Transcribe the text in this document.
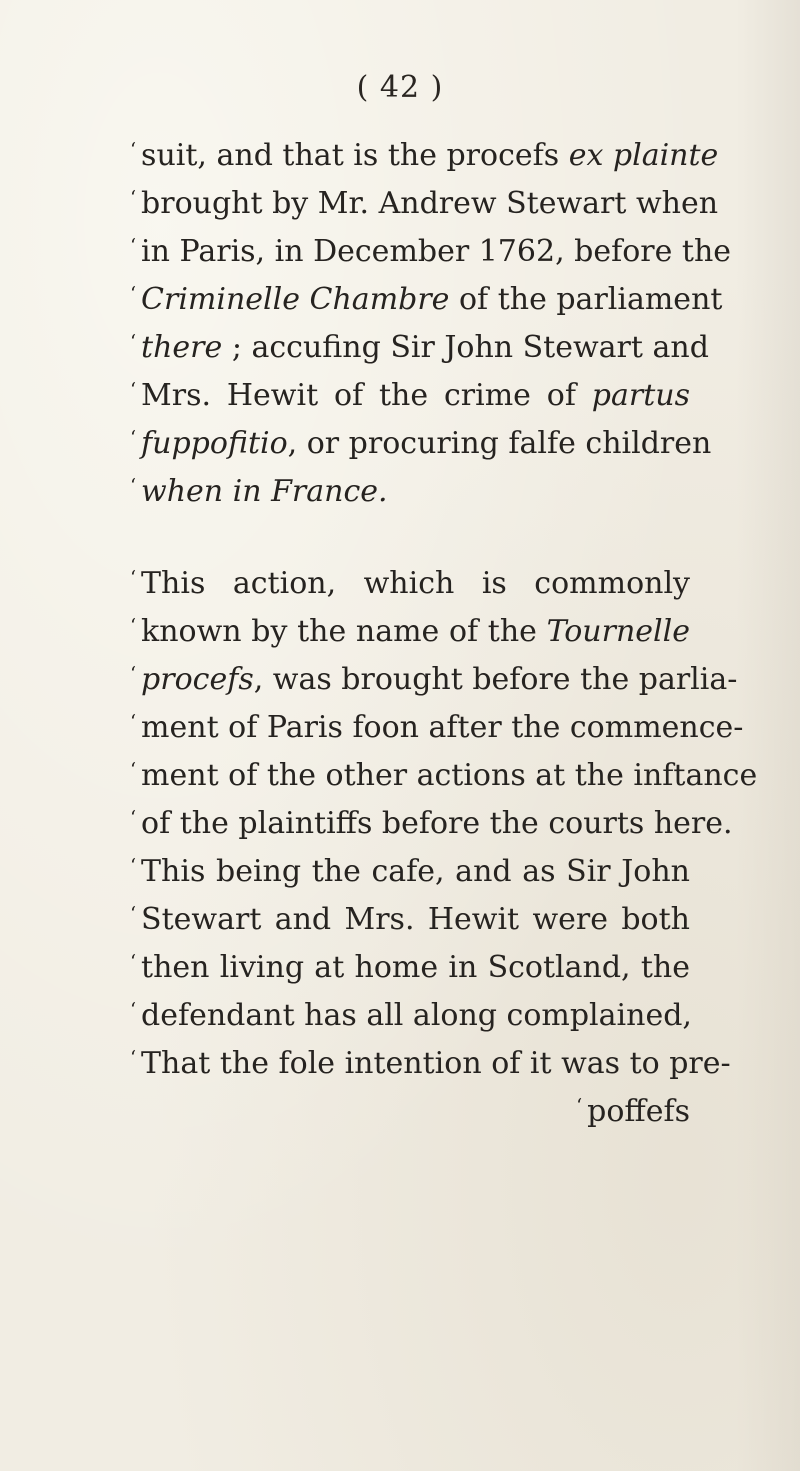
( 42 )
‘ suit, and that is the procefs ex plainte
‘ brought by Mr. Andrew Stewart when
‘ in Paris, in December 1762, before the
‘ Criminelle Chambre of the parliament
‘ there ; accufing Sir John Stewart and
‘ Mrs. Hewit of the crime of partus
‘ fuppofitio, or procuring falfe children
‘ when in France.
‘ This action, which is commonly
‘ known by the name of the Tournelle
‘ procefs, was brought before the parlia-
‘ ment of Paris foon after the commence-
‘ ment of the other actions at the inftance
‘ of the plaintiffs before the courts here.
‘ This being the cafe, and as Sir John
‘ Stewart and Mrs. Hewit were both
‘ then living at home in Scotland, the
‘ defendant has all along complained,
‘ That the fole intention of it was to pre-
‘ poffefs
